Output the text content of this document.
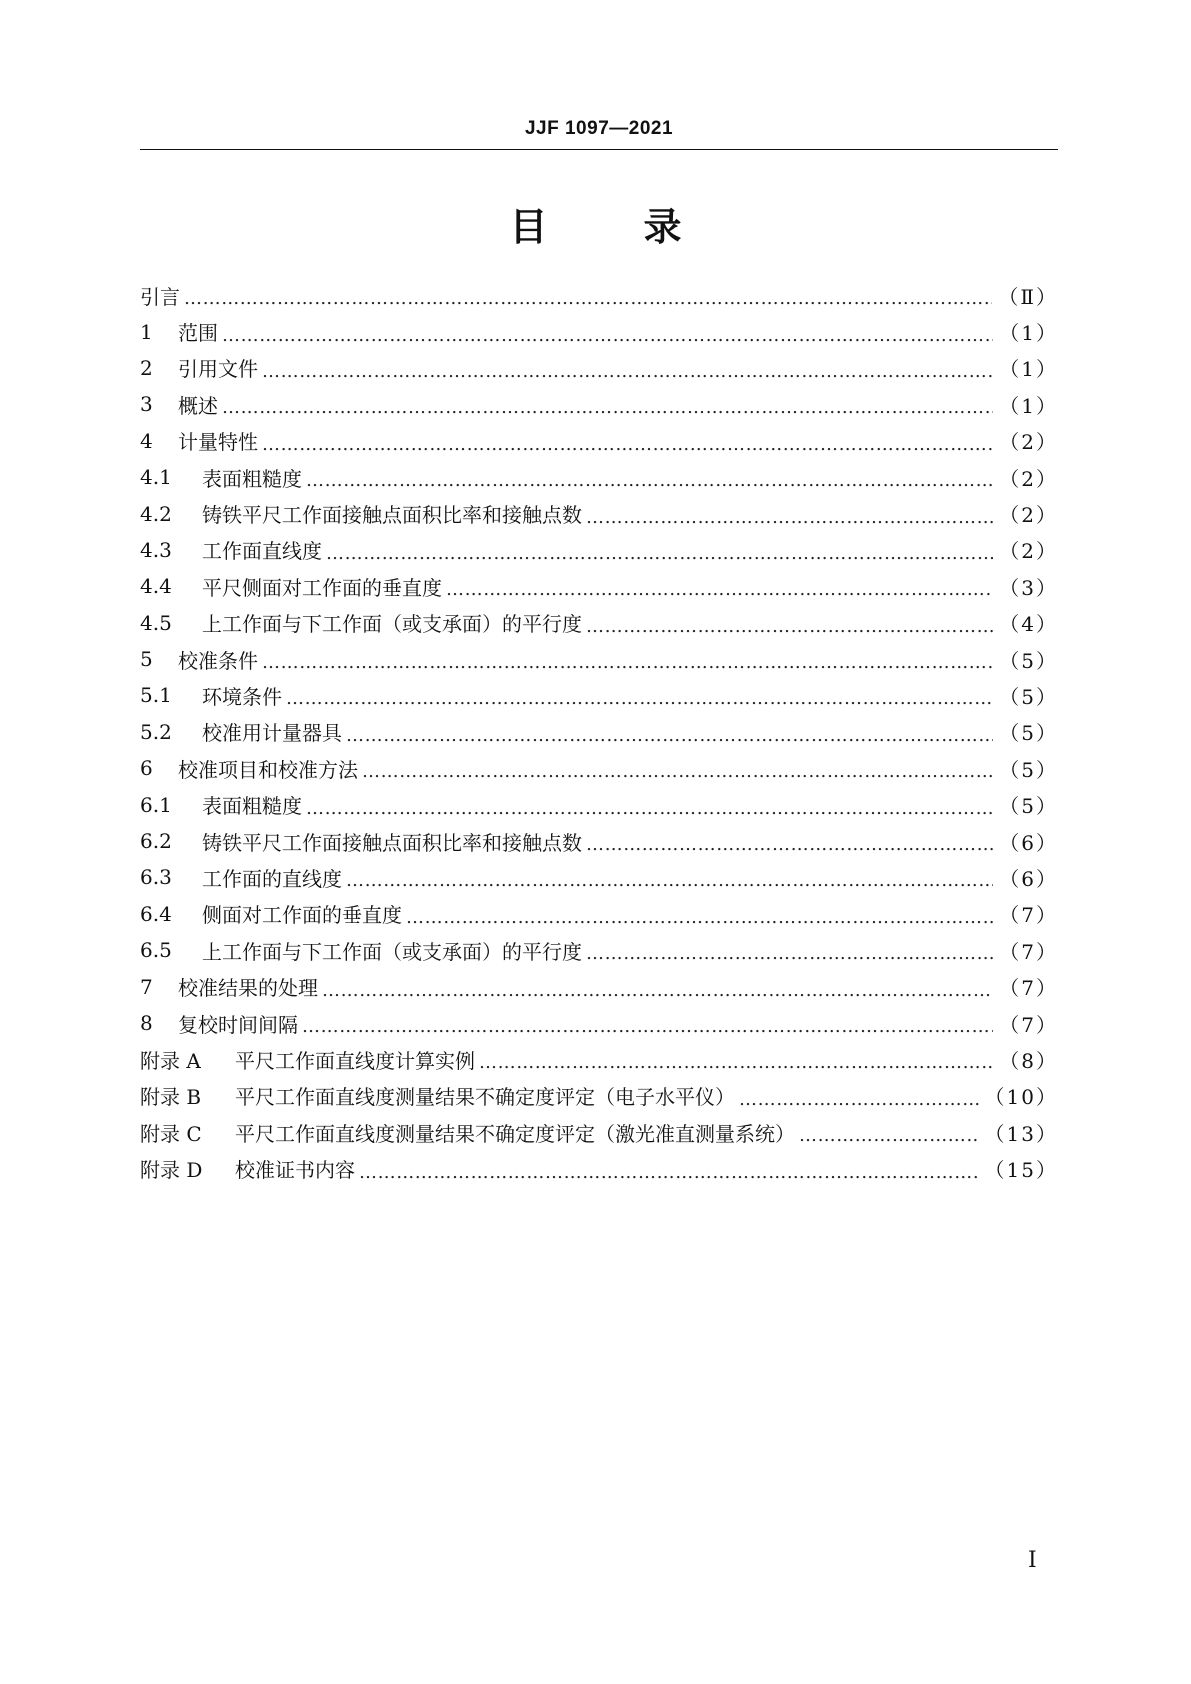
JJF 1097—2021
目	录
引言 ……………………………………………………………………………………………………………………………………………………………………………………………………………………	（Ⅱ）
1	范围 ……………………………………………………………………………………………………………………………………………………………………………………………………………………	（1）
2	引用文件 ……………………………………………………………………………………………………………………………………………………………………………………………………………………	（1）
3	概述 ……………………………………………………………………………………………………………………………………………………………………………………………………………………	（1）
4	计量特性 ……………………………………………………………………………………………………………………………………………………………………………………………………………………	（2）
4.1	表面粗糙度 ……………………………………………………………………………………………………………………………………………………………………………………………………………………	（2）
4.2	铸铁平尺工作面接触点面积比率和接触点数 ……………………………………………………………………………………………………………………………………………………………………………………………………………………	（2）
4.3	工作面直线度 ……………………………………………………………………………………………………………………………………………………………………………………………………………………	（2）
4.4	平尺侧面对工作面的垂直度 ……………………………………………………………………………………………………………………………………………………………………………………………………………………	（3）
4.5	上工作面与下工作面（或支承面）的平行度 ……………………………………………………………………………………………………………………………………………………………………………………………………………………	（4）
5	校准条件 ……………………………………………………………………………………………………………………………………………………………………………………………………………………	（5）
5.1	环境条件 ……………………………………………………………………………………………………………………………………………………………………………………………………………………	（5）
5.2	校准用计量器具 ……………………………………………………………………………………………………………………………………………………………………………………………………………………	（5）
6	校准项目和校准方法 ……………………………………………………………………………………………………………………………………………………………………………………………………………………	（5）
6.1	表面粗糙度 ……………………………………………………………………………………………………………………………………………………………………………………………………………………	（5）
6.2	铸铁平尺工作面接触点面积比率和接触点数 ……………………………………………………………………………………………………………………………………………………………………………………………………………………	（6）
6.3	工作面的直线度 ……………………………………………………………………………………………………………………………………………………………………………………………………………………	（6）
6.4	侧面对工作面的垂直度 ……………………………………………………………………………………………………………………………………………………………………………………………………………………	（7）
6.5	上工作面与下工作面（或支承面）的平行度 ……………………………………………………………………………………………………………………………………………………………………………………………………………………	（7）
7	校准结果的处理 ……………………………………………………………………………………………………………………………………………………………………………………………………………………	（7）
8	复校时间间隔 ……………………………………………………………………………………………………………………………………………………………………………………………………………………	（7）
附录 A	平尺工作面直线度计算实例 ……………………………………………………………………………………………………………………………………………………………………………………………………………………	（8）
附录 B	平尺工作面直线度测量结果不确定度评定（电子水平仪） ……………………………………………………………………………………………………………………………………………………………………………………………………………………	（10）
附录 C	平尺工作面直线度测量结果不确定度评定（激光准直测量系统） ……………………………………………………………………………………………………………………………………………………………………………………………………………………	（13）
附录 D	校准证书内容 ……………………………………………………………………………………………………………………………………………………………………………………………………………………	（15）
Ⅰ
